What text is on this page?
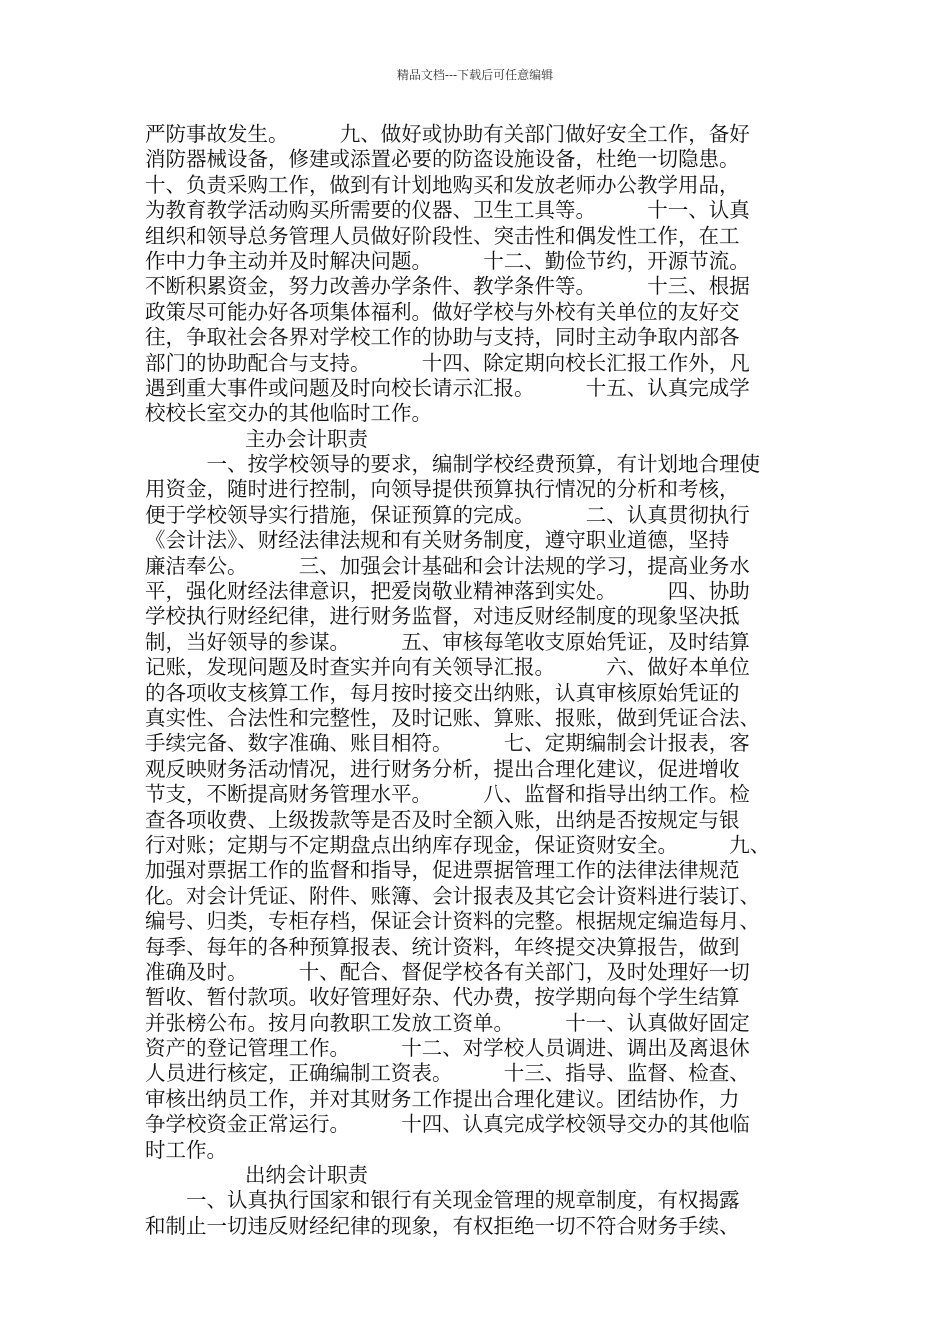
精品文档---下载后可任意编辑
严防事故发生。　　　九、做好或协助有关部门做好安全工作，备好
消防器械设备，修建或添置必要的防盗设施设备，杜绝一切隐患。
十、负责采购工作，做到有计划地购买和发放老师办公教学用品，
为教育教学活动购买所需要的仪器、卫生工具等。　　　十一、认真
组织和领导总务管理人员做好阶段性、突击性和偶发性工作，在工
作中力争主动并及时解决问题。　　　十二、勤俭节约，开源节流。
不断积累资金，努力改善办学条件、教学条件等。　　　十三、根据
政策尽可能办好各项集体福利。做好学校与外校有关单位的友好交
往，争取社会各界对学校工作的协助与支持，同时主动争取内部各
部门的协助配合与支持。　　　十四、除定期向校长汇报工作外，凡
遇到重大事件或问题及时向校长请示汇报。　　　十五、认真完成学
校校长室交办的其他临时工作。
主办会计职责
　　　一、按学校领导的要求，编制学校经费预算，有计划地合理使
用资金，随时进行控制，向领导提供预算执行情况的分析和考核，
便于学校领导实行措施，保证预算的完成。　　　二、认真贯彻执行
《会计法》、财经法律法规和有关财务制度，遵守职业道德，坚持
廉洁奉公。　　　三、加强会计基础和会计法规的学习，提高业务水
平，强化财经法律意识，把爱岗敬业精神落到实处。　　　四、协助
学校执行财经纪律，进行财务监督，对违反财经制度的现象坚决抵
制，当好领导的参谋。　　　五、审核每笔收支原始凭证，及时结算
记账，发现问题及时查实并向有关领导汇报。　　　六、做好本单位
的各项收支核算工作，每月按时接交出纳账，认真审核原始凭证的
真实性、合法性和完整性，及时记账、算账、报账，做到凭证合法、
手续完备、数字准确、账目相符。　　　七、定期编制会计报表，客
观反映财务活动情况，进行财务分析，提出合理化建议，促进增收
节支，不断提高财务管理水平。　　　八、监督和指导出纳工作。检
查各项收费、上级拨款等是否及时全额入账，出纳是否按规定与银
行对账；定期与不定期盘点出纳库存现金，保证资财安全。　　　九、
加强对票据工作的监督和指导，促进票据管理工作的法律法律规范
化。对会计凭证、附件、账簿、会计报表及其它会计资料进行装订、
编号、归类，专柜存档，保证会计资料的完整。根据规定编造每月、
每季、每年的各种预算报表、统计资料，年终提交决算报告，做到
准确及时。　　　十、配合、督促学校各有关部门，及时处理好一切
暂收、暂付款项。收好管理好杂、代办费，按学期向每个学生结算
并张榜公布。按月向教职工发放工资单。　　　十一、认真做好固定
资产的登记管理工作。　　　十二、对学校人员调进、调出及离退休
人员进行核定，正确编制工资表。　　　十三、指导、监督、检查、
审核出纳员工作，并对其财务工作提出合理化建议。团结协作，力
争学校资金正常运行。　　　十四、认真完成学校领导交办的其他临
时工作。
出纳会计职责
　　一、认真执行国家和银行有关现金管理的规章制度，有权揭露
和制止一切违反财经纪律的现象，有权拒绝一切不符合财务手续、
